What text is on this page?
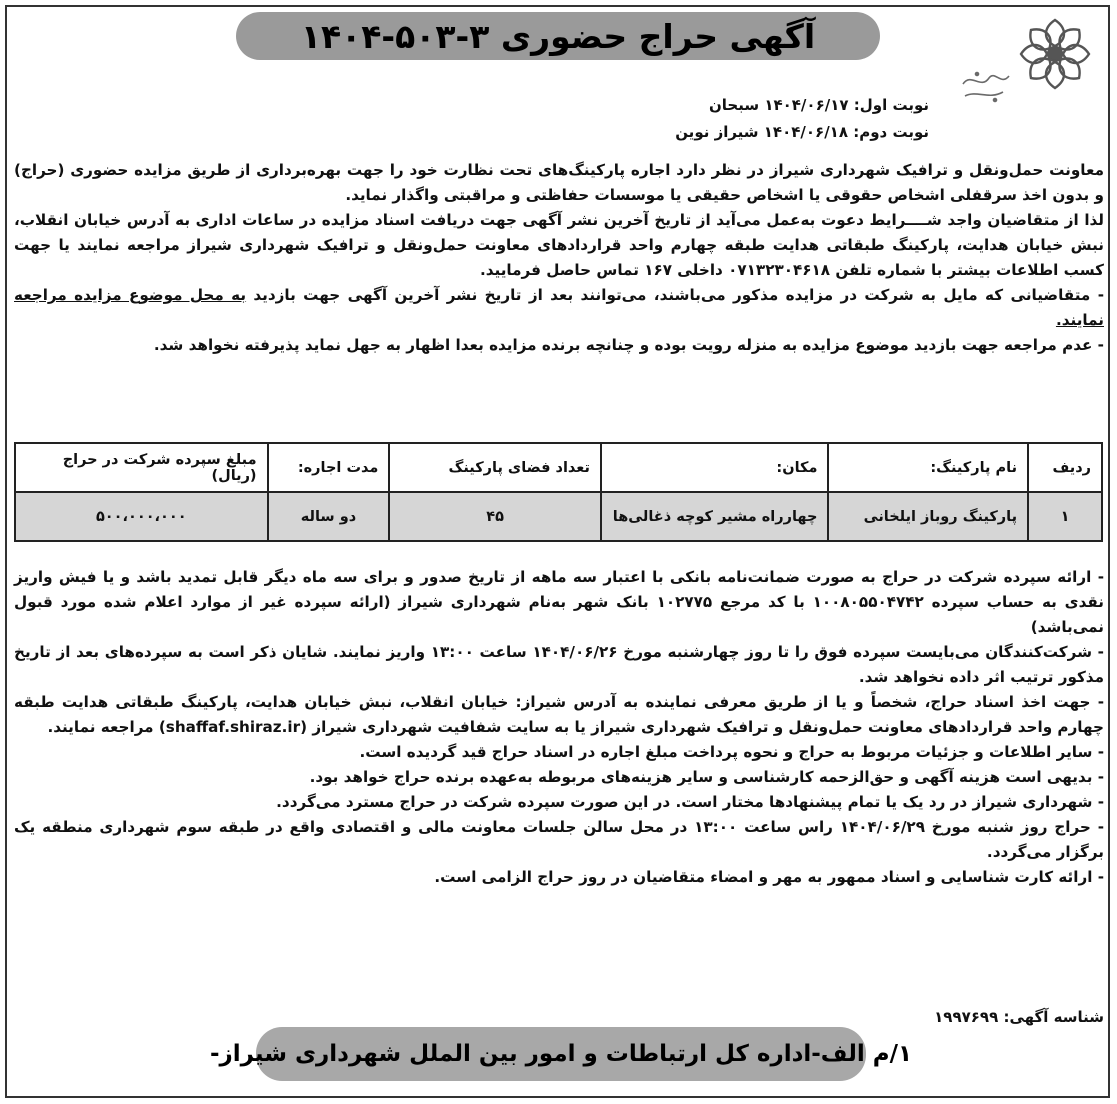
آگهی حراج حضوری ۳-۵۰۳-۱۴۰۴
نوبت اول: ۱۴۰۴/۰۶/۱۷ سبحان
نوبت دوم: ۱۴۰۴/۰۶/۱۸ شیراز نوین

معاونت حمل‌ونقل و ترافیک شهرداری شیراز در نظر دارد اجاره پارکینگ‌های تحت نظارت خود را جهت بهره‌برداری از طریق مزایده حضوری (حراج) و بدون اخذ سرقفلی اشخاص حقوقی یا اشخاص حقیقی یا موسسات حفاظتی و مراقبتی واگذار نماید.

لذا از متقاضیان واجد شــــرایط دعوت به‌عمل می‌آید از تاریخ آخرین نشر آگهی جهت دریافت اسناد مزایده در ساعات اداری به آدرس خیابان انقلاب، نبش خیابان هدایت، پارکینگ طبقاتی هدایت طبقه چهارم واحد قراردادهای معاونت حمل‌ونقل و ترافیک شهرداری شیراز مراجعه نمایند یا جهت کسب اطلاعات بیشتر با شماره تلفن ۰۷۱۳۲۳۰۴۶۱۸ داخلی ۱۶۷ تماس حاصل فرمایید.

- متقاضیانی که مایل به شرکت در مزایده مذکور می‌باشند، می‌توانند بعد از تاریخ نشر آخرین آگهی جهت بازدید به محل موضوع مزایده مراجعه نمایند.

- عدم مراجعه جهت بازدید موضوع مزایده به منزله رویت بوده و چنانچه برنده مزایده بعدا اظهار به جهل نماید پذیرفته نخواهد شد.

ردیف	نام پارکینگ:	مکان:	تعداد فضای پارکینگ	مدت اجاره:	مبلغ سپرده شرکت در حراج (ریال)
۱	پارکینگ روباز ایلخانی	چهارراه مشیر کوچه ذغالی‌ها	۴۵	دو ساله	۵۰۰،۰۰۰،۰۰۰

- ارائه سپرده شرکت در حراج به صورت ضمانت‌نامه بانکی با اعتبار سه ماهه از تاریخ صدور و برای سه ماه دیگر قابل تمدید باشد و یا فیش واریز نقدی به حساب سپرده ۱۰۰۸۰۵۵۰۴۷۴۲ با کد مرجع ۱۰۲۷۷۵ بانک شهر به‌نام شهرداری شیراز (ارائه سپرده غیر از موارد اعلام شده مورد قبول نمی‌باشد)

- شرکت‌کنندگان می‌بایست سپرده فوق را تا روز چهارشنبه مورخ ۱۴۰۴/۰۶/۲۶ ساعت ۱۳:۰۰ واریز نمایند. شایان ذکر است به سپرده‌های بعد از تاریخ مذکور ترتیب اثر داده نخواهد شد.

- جهت اخذ اسناد حراج، شخصاً و یا از طریق معرفی نماینده به آدرس شیراز: خیابان انقلاب، نبش خیابان هدایت، پارکینگ طبقاتی هدایت طبقه چهارم واحد قراردادهای معاونت حمل‌ونقل و ترافیک شهرداری شیراز یا به سایت شفافیت شهرداری شیراز (shaffaf.shiraz.ir) مراجعه نمایند.

- سایر اطلاعات و جزئیات مربوط به حراج و نحوه پرداخت مبلغ اجاره در اسناد حراج قید گردیده است.

- بدیهی است هزینه آگهی و حق‌الزحمه کارشناسی و سایر هزینه‌های مربوطه به‌عهده برنده حراج خواهد بود.

- شهرداری شیراز در رد یک یا تمام پیشنهادها مختار است. در این صورت سپرده شرکت در حراج مسترد می‌گردد.

- حراج روز شنبه مورخ ۱۴۰۴/۰۶/۲۹ راس ساعت ۱۳:۰۰ در محل سالن جلسات معاونت مالی و اقتصادی واقع در طبقه سوم شهرداری منطقه یک برگزار می‌گردد.

- ارائه کارت شناسایی و اسناد ممهور به مهر و امضاء متقاضیان در روز حراج الزامی است.

شناسه آگهی: ۱۹۹۷۶۹۹
۱/م الف-اداره کل ارتباطات و امور بین الملل شهرداری شیراز-
